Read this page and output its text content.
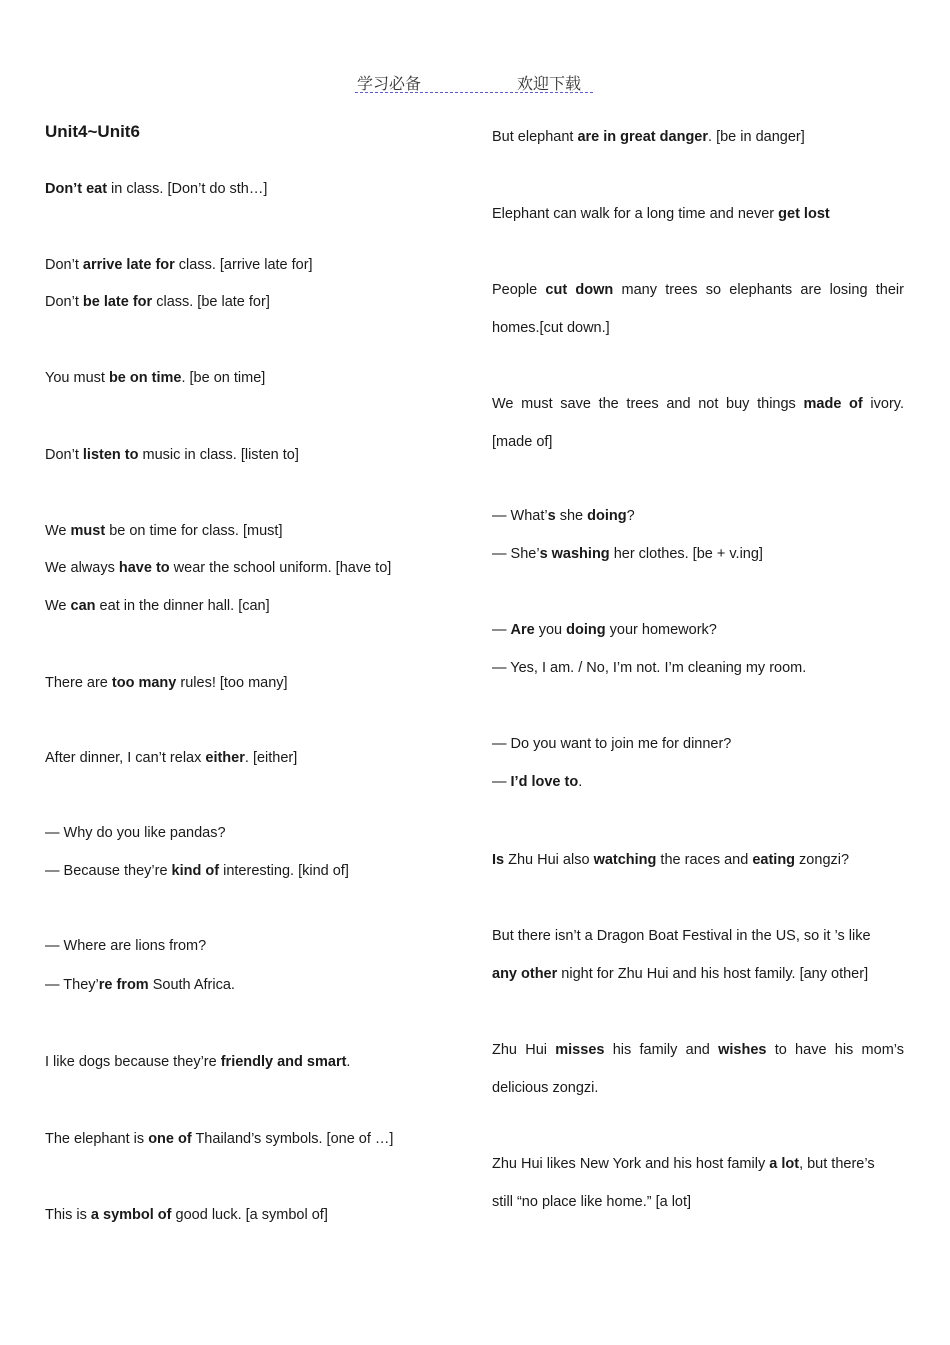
学习必备	欢迎下载
Unit4~Unit6
Don’t eat in class. [Don’t do sth…]
Don’t arrive late for class. [arrive late for]
Don’t be late for class. [be late for]
You must be on time. [be on time]
Don’t listen to music in class. [listen to]
We must be on time for class. [must]
We always have to wear the school uniform. [have to]
We can eat in the dinner hall. [can]
There are too many rules! [too many]
After dinner, I can’t relax either. [either]
— Why do you like pandas?
— Because they’re kind of interesting. [kind of]
— Where are lions from?
— They’re from South Africa.
I like dogs because they’re friendly and smart.
The elephant is one of Thailand’s symbols. [one of …]
This is a symbol of good luck. [a symbol of]
But elephant are in great danger. [be in danger]
Elephant can walk for a long time and never get lost
People cut down many trees so elephants are losing their
homes.[cut down.]
We must save the trees and not buy things made of ivory.
[made of]
— What’s she doing?
— She’s washing her clothes. [be + v.ing]
— Are you doing your homework?
— Yes, I am. / No, I’m not. I’m cleaning my room.
— Do you want to join me for dinner?
— I’d love to.
Is Zhu Hui also watching the races and eating zongzi?
But there isn’t a Dragon Boat Festival in the US, so it ’s like
any other night for Zhu Hui and his host family. [any other]
Zhu Hui misses his family and wishes to have his mom’s
delicious zongzi.
Zhu Hui likes New York and his host family a lot, but there’s
still “no place like home.” [a lot]
